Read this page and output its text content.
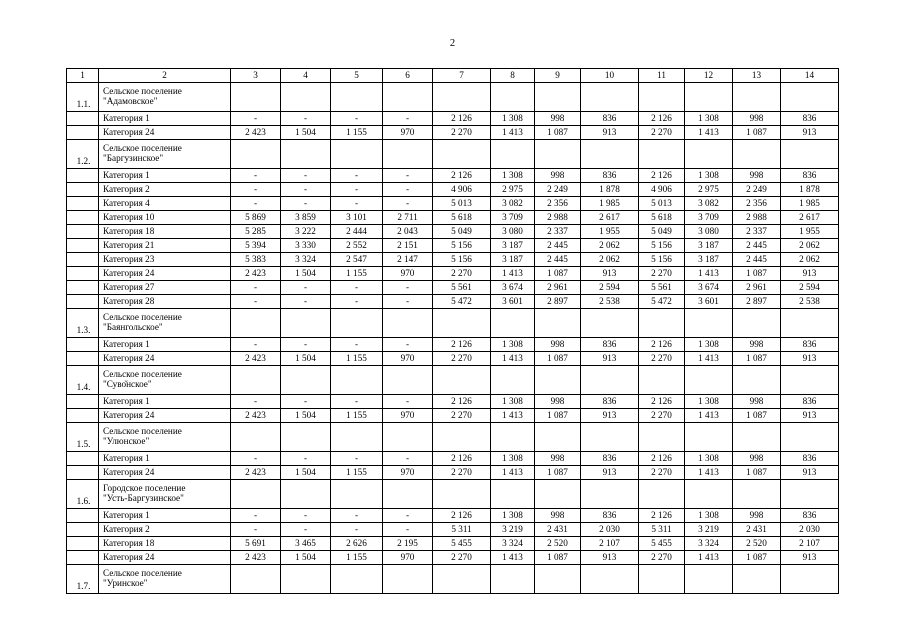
2
1	2	3	4	5	6	7	8	9	10	11	12	13	14
1.1.	Сельское поселение
"Адамовское"												

	Категория 1	-	-	-	-	2 126	1 308	998	836	2 126	1 308	998	836
	Категория 24	2 423	1 504	1 155	970	2 270	1 413	1 087	913	2 270	1 413	1 087	913
1.2.	Сельское поселение
"Баргузинское"												

	Категория 1	-	-	-	-	2 126	1 308	998	836	2 126	1 308	998	836
	Категория 2	-	-	-	-	4 906	2 975	2 249	1 878	4 906	2 975	2 249	1 878
	Категория 4	-	-	-	-	5 013	3 082	2 356	1 985	5 013	3 082	2 356	1 985
	Категория 10	5 869	3 859	3 101	2 711	5 618	3 709	2 988	2 617	5 618	3 709	2 988	2 617
	Категория 18	5 285	3 222	2 444	2 043	5 049	3 080	2 337	1 955	5 049	3 080	2 337	1 955
	Категория 21	5 394	3 330	2 552	2 151	5 156	3 187	2 445	2 062	5 156	3 187	2 445	2 062
	Категория 23	5 383	3 324	2 547	2 147	5 156	3 187	2 445	2 062	5 156	3 187	2 445	2 062
	Категория 24	2 423	1 504	1 155	970	2 270	1 413	1 087	913	2 270	1 413	1 087	913
	Категория 27	-	-	-	-	5 561	3 674	2 961	2 594	5 561	3 674	2 961	2 594
	Категория 28	-	-	-	-	5 472	3 601	2 897	2 538	5 472	3 601	2 897	2 538
1.3.	Сельское поселение
"Баянгольское"												

	Категория 1	-	-	-	-	2 126	1 308	998	836	2 126	1 308	998	836
	Категория 24	2 423	1 504	1 155	970	2 270	1 413	1 087	913	2 270	1 413	1 087	913
1.4.	Сельское поселение
"Суво̆нское"												

	Категория 1	-	-	-	-	2 126	1 308	998	836	2 126	1 308	998	836
	Категория 24	2 423	1 504	1 155	970	2 270	1 413	1 087	913	2 270	1 413	1 087	913
1.5.	Сельское поселение
"Улюнское"												

	Категория 1	-	-	-	-	2 126	1 308	998	836	2 126	1 308	998	836
	Категория 24	2 423	1 504	1 155	970	2 270	1 413	1 087	913	2 270	1 413	1 087	913
1.6.	Городское поселение
"Усть-Баргузинское"												

	Категория 1	-	-	-	-	2 126	1 308	998	836	2 126	1 308	998	836
	Категория 2	-	-	-	-	5 311	3 219	2 431	2 030	5 311	3 219	2 431	2 030
	Категория 18	5 691	3 465	2 626	2 195	5 455	3 324	2 520	2 107	5 455	3 324	2 520	2 107
	Категория 24	2 423	1 504	1 155	970	2 270	1 413	1 087	913	2 270	1 413	1 087	913
1.7.	Сельское поселение
"Уринское"												
